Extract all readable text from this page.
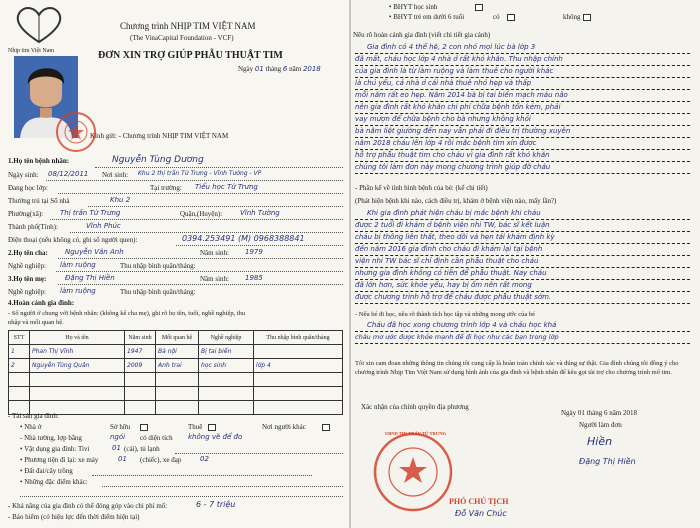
Nhịp tim Việt Nam
Chương trình NHỊP TIM VIỆT NAM
(The VinaCapital Foundation - VCF)
ĐƠN XIN TRỢ GIÚP PHẪU THUẬT TIM
Ngày 01 tháng 6 năm 2018
Kính gửi: - Chương trình NHỊP TIM VIỆT NAM
1.Họ tên bệnh nhân:	Nguyễn Tùng Dương
Ngày sinh: 08/12/2011 Nơi sinh: Khu 2 thị trấn Tứ Trưng - Vĩnh Tường - VP
Đang học lớp:	Tại trường: Tiểu học Tứ Trưng
Thường trú tại Số nhà	Khu 2
Phường(xã): Thị trấn Tứ Trưng	Quận,(Huyện):	Vĩnh Tường
Thành phố(Tỉnh):	Vĩnh Phúc
Điện thoại (nếu không có, ghi số người quen):	0394.253491 (M) 0968388841
2.Họ tên cha: Nguyễn Văn Anh	Năm sinh: 1979
Nghề nghiệp: làm ruộng	Thu nhập bình quân/tháng:
3.Họ tên mẹ:	Đặng Thị Hiền	Năm sinh: 1985
Nghề nghiệp: làm ruộng	Thu nhập bình quân/tháng:
STT	Họ và tên	Năm sinh	Mối quan hệ	Nghề nghiệp	Thu nhập bình quân/tháng
1	Phan Thị Vĩnh	1947	Bà nội	Bị tai biến	
2	Nguyễn Tùng Quân	2009	Anh trai	học sinh	lớp 4

4.Hoàn cảnh gia đình:
- Số người ở chung với bệnh nhân: (không kể cha mẹ), ghi rõ họ tên, tuổi, nghề nghiệp, thu
nhập và mối quan hệ.
- Tài sản gia đình:
• Nhà ở	Sở hữu	Thuê	Nơi người khác
- Nhà tường, lợp bằng	ngói có diện tích không vẽ để đo
• Vật dụng gia đình: Tivi	01 (cái), tủ lạnh
• Phương tiện đi lại: xe máy	01 (chiếc), xe đạp	02
• Đất đai/cây trồng
• Những đặc điểm khác:
- Khả năng của gia đình có thể đóng góp vào chi phí mổ:	6 - 7 triệu
- Bảo hiểm (có hiệu lực đến thời điểm hiện tại)
• BHYT học sinh
• BHYT trẻ em dưới 6 tuổi	có	không
Nêu rõ hoàn cảnh gia đình (viết chi tiết gia cảnh)
Gia đình có 4 thế hệ, 2 con nhỏ mọi lúc bà lớp 3
đã mất, cháu học lớp 4 nhà ở rất khó khăn. Thu nhập chính
của gia đình là từ làm ruộng và làm thuê cho người khác
là chủ yếu, cả nhà ở cái nhà thuê nhỏ hẹp và thấp
mỗi năm rất eo hẹp. Năm 2014 bà bị tai biến mạch máu não
nên gia đình rất khó khăn chi phí chữa bệnh tốn kém, phải
vay mượn để chữa bệnh cho bà nhưng không khỏi
bà nằm liệt giường đến nay vẫn phải đi điều trị thường xuyên
năm 2018 cháu lên lớp 4 rồi mắc bệnh tim xin được
hỗ trợ phẫu thuật tim cho cháu vì gia đình rất khó khăn
chúng tôi làm đơn này mong chương trình giúp đỡ cháu
- Phần kể về tình hình bệnh của bé: (kể chi tiết)
(Phát hiện bệnh khi nào, cách điều trị, khám ở bệnh viện nào, mấy lần?)
Khi gia đình phát hiện cháu bị mắc bệnh khi cháu
được 2 tuổi đi khám ở bệnh viện nhi TW, bác sĩ kết luận
cháu bị thông liên thất, theo dõi và hẹn tái khám định kỳ
đến năm 2016 gia đình cho cháu đi khám lại tại bệnh
viện nhi TW bác sĩ chỉ định cần phẫu thuật cho cháu
nhưng gia đình không có tiền để phẫu thuật. Nay cháu
đã lớn hơn, sức khỏe yếu, hay bị ốm nên rất mong
được chương trình hỗ trợ để cháu được phẫu thuật sớm.
- Nếu bé đi học, nêu rõ thành tích học tập và những mong ước của bé
Cháu đã học xong chương trình lớp 4 và cháu học khá
cháu mơ ước được khỏe mạnh để đi học như các bạn trong lớp
Tôi xin cam đoan những thông tin chúng tôi cung cấp là hoàn toàn chính xác và đúng sự thật. Gia đình chúng tôi đồng ý cho chương trình Nhịp Tim Việt Nam sử dụng hình ảnh của gia đình và bệnh nhân để kêu gọi tài trợ cho chương trình mổ tim.
Xác nhận của chính quyền địa phương
Ngày 01 tháng 6 năm 2018
Người làm đơn
Hiền
Đặng Thị Hiền
UBND THỊ TRẤN TỨ TRƯNG
PHÓ CHỦ TỊCH
Đỗ Văn Chúc
